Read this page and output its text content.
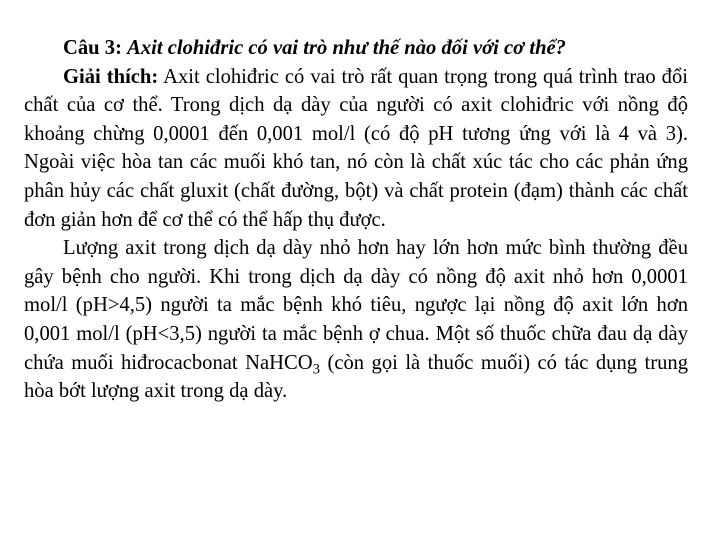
Câu 3: Axit clohiđric có vai trò như thế nào đối với cơ thể?

Giải thích: Axit clohiđric có vai trò rất quan trọng trong quá trình trao đổi chất của cơ thể. Trong dịch dạ dày của người có axit clohiđric với nồng độ khoảng chừng 0,0001 đến 0,001 mol/l (có độ pH tương ứng với là 4 và 3). Ngoài việc hòa tan các muối khó tan, nó còn là chất xúc tác cho các phản ứng phân hủy các chất gluxit (chất đường, bột) và chất protein (đạm) thành các chất đơn giản hơn để cơ thể có thể hấp thụ được.

Lượng axit trong dịch dạ dày nhỏ hơn hay lớn hơn mức bình thường đều gây bệnh cho người. Khi trong dịch dạ dày có nồng độ axit nhỏ hơn 0,0001 mol/l (pH>4,5) người ta mắc bệnh khó tiêu, ngược lại nồng độ axit lớn hơn 0,001 mol/l (pH<3,5) người ta mắc bệnh ợ chua. Một số thuốc chữa đau dạ dày chứa muối hiđrocacbonat NaHCO$_3$ (còn gọi là thuốc muối) có tác dụng trung hòa bớt lượng axit trong dạ dày.
